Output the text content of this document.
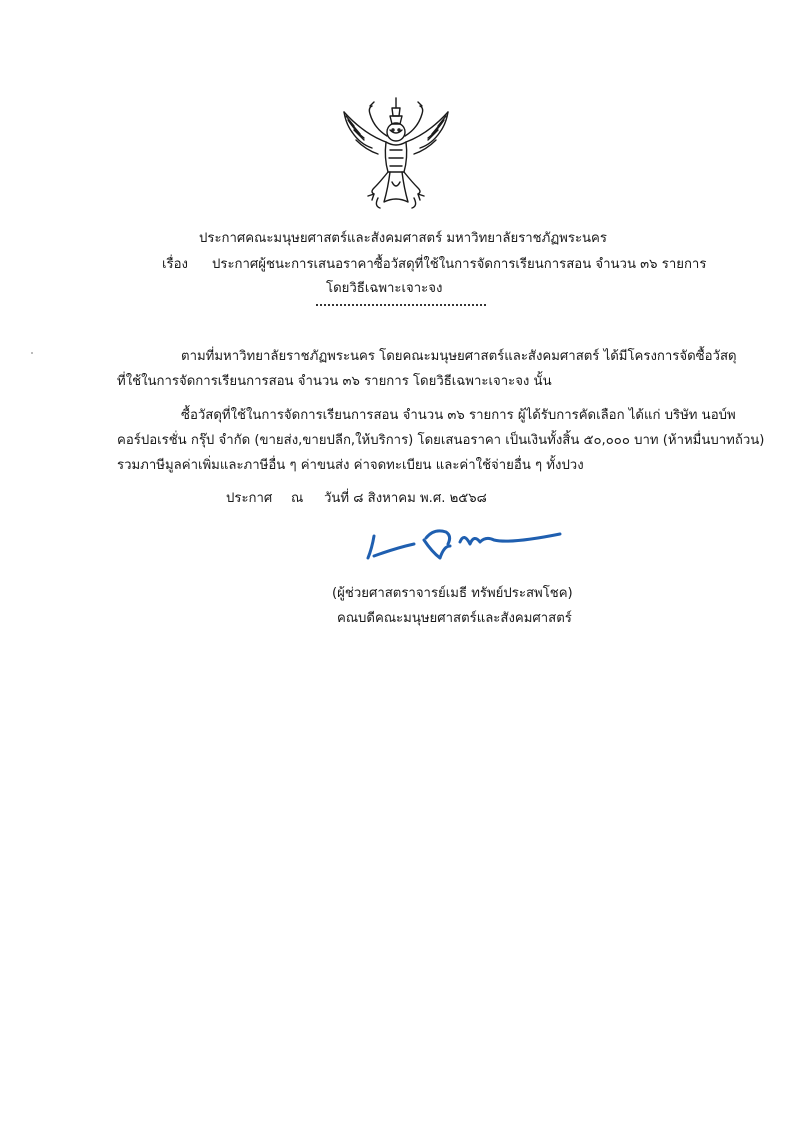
ประกาศคณะมนุษยศาสตร์และสังคมศาสตร์ มหาวิทยาลัยราชภัฏพระนคร
เรื่อง ประกาศผู้ชนะการเสนอราคาซื้อวัสดุที่ใช้ในการจัดการเรียนการสอน จำนวน ๓๖ รายการ
โดยวิธีเฉพาะเจาะจง
ตามที่มหาวิทยาลัยราชภัฏพระนคร โดยคณะมนุษยศาสตร์และสังคมศาสตร์ ได้มีโครงการจัดซื้อวัสดุ
ที่ใช้ในการจัดการเรียนการสอน จำนวน ๓๖ รายการ โดยวิธีเฉพาะเจาะจง นั้น
ซื้อวัสดุที่ใช้ในการจัดการเรียนการสอน จำนวน ๓๖ รายการ ผู้ได้รับการคัดเลือก ได้แก่ บริษัท นอบ์พ
คอร์ปอเรชั่น กรุ๊ป จำกัด (ขายส่ง,ขายปลีก,ให้บริการ) โดยเสนอราคา เป็นเงินทั้งสิ้น ๕๐,๐๐๐ บาท (ห้าหมื่นบาทถ้วน)
รวมภาษีมูลค่าเพิ่มและภาษีอื่น ๆ ค่าขนส่ง ค่าจดทะเบียน และค่าใช้จ่ายอื่น ๆ ทั้งปวง
ประกาศ ณ วันที่ ๘ สิงหาคม พ.ศ. ๒๕๖๘
(ผู้ช่วยศาสตราจารย์เมธี ทรัพย์ประสพโชค)
คณบดีคณะมนุษยศาสตร์และสังคมศาสตร์
